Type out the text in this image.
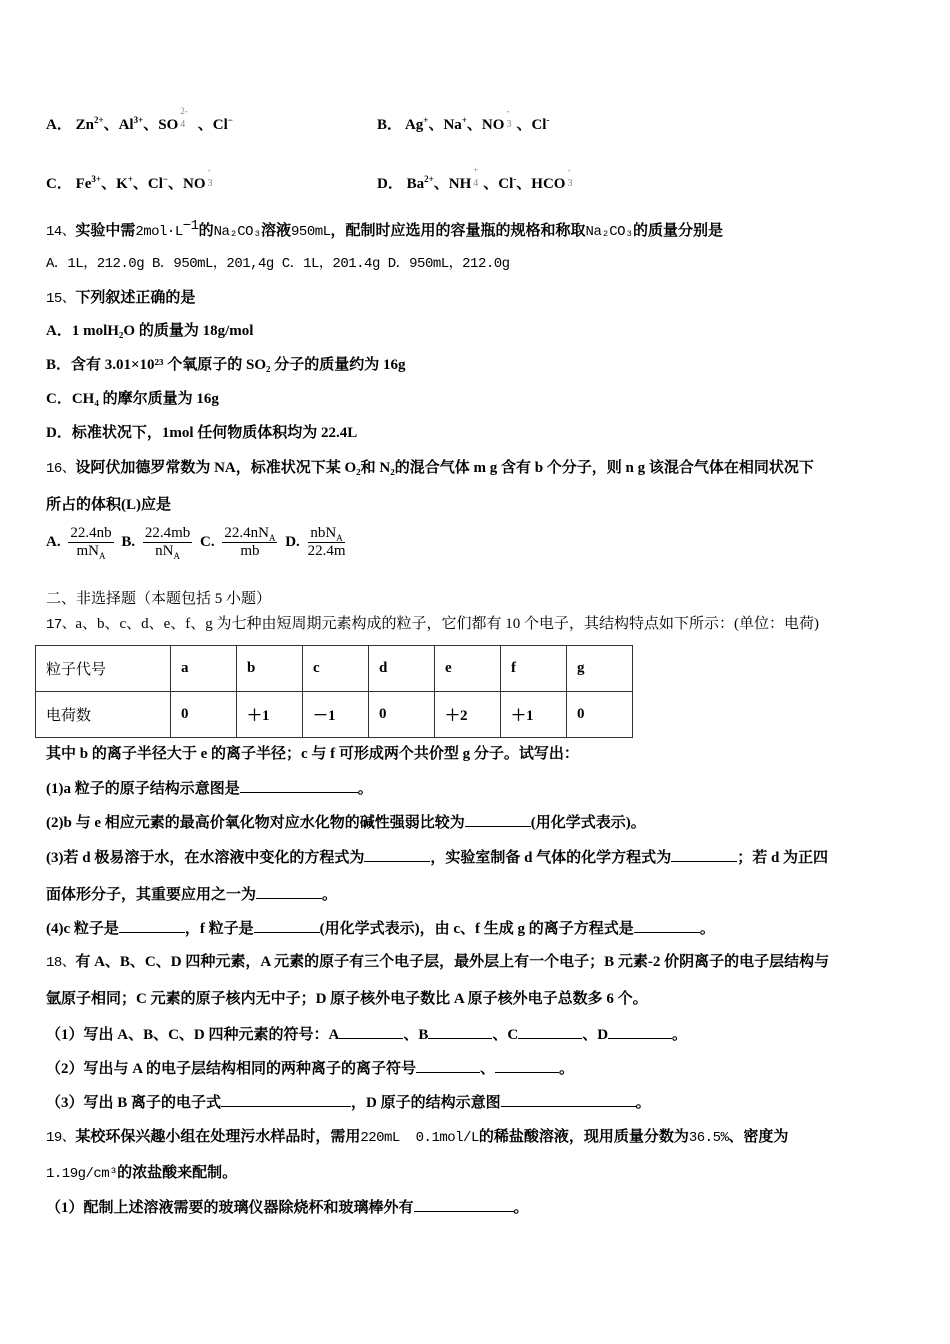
A． $Zn^{2+}$、$Al^{3+}$、SO
2-
4 、Cl−	B． Ag+、Na+、NO
-
3 、Cl-
C． $Fe^{3+}$、K+、Cl−、NO
-
3	D． $Ba^{2+}$、NH
+
4 、Cl-、HCO
-
3
14、实验中需$2mol\cdot L^{-1}$的Na₂CO₃溶液950mL，配制时应选用的容量瓶的规格和称取Na₂CO₃的质量分别是
A．1L，212.0g B．950mL，201,4g C．1L，201.4g D．950mL，212.0g
15、下列叙述正确的是
A．1 molH₂O 的质量为 18g/mol
B．含有 3.01×10²³ 个氧原子的 SO₂ 分子的质量约为 16g
C．CH₄ 的摩尔质量为 16g
D．标准状况下，1mol 任何物质体积均为 22.4L
16、设阿伏加德罗常数为 NA，标准状况下某 O₂和 N₂的混合气体 m g 含有 b 个分子，则 n g 该混合气体在相同状况下
所占的体积(L)应是
A. $\frac{22.4nb}{mN_A} B$. $\frac{22.4mb}{nN_A} C$. $\frac{22.4nN_A}{mb} D$. $\frac{nbN_A}{22.4m}$
二、非选择题（本题包括 5 小题）
17、a、b、c、d、e、f、g 为七种由短周期元素构成的粒子，它们都有 10 个电子，其结构特点如下所示：(单位：电荷)
粒子代号	a	b	c	d	e	f	g
电荷数	0	＋1	－1	0	＋2	＋1	0
其中 b 的离子半径大于 e 的离子半径；c 与 f 可形成两个共价型 g 分子。试写出：
(1)a 粒子的原子结构示意图是	。
(2)b 与 e 相应元素的最高价氧化物对应水化物的碱性强弱比较为	(用化学式表示)。
(3)若 d 极易溶于水，在水溶液中变化的方程式为	，实验室制备 d 气体的化学方程式为	；若 d 为正四
面体形分子，其重要应用之一为	。
(4)c 粒子是	，f 粒子是	(用化学式表示)，由 c、f 生成 g 的离子方程式是	。
18、有 A、B、C、D 四种元素，A 元素的原子有三个电子层，最外层上有一个电子；B 元素-2 价阴离子的电子层结构与
氩原子相同；C 元素的原子核内无中子；D 原子核外电子数比 A 原子核外电子总数多 6 个。
（1）写出 A、B、C、D 四种元素的符号：A	、B	、C	、D	。
（2）写出与 A 的电子层结构相同的两种离子的离子符号	、	。
（3）写出 B 离子的电子式	，D 原子的结构示意图	。
19、某校环保兴趣小组在处理污水样品时，需用220mL  0.1mol/L的稀盐酸溶液，现用质量分数为36.5%、密度为
1.19g/cm³的浓盐酸来配制。
（1）配制上述溶液需要的玻璃仪器除烧杯和玻璃棒外有	。
